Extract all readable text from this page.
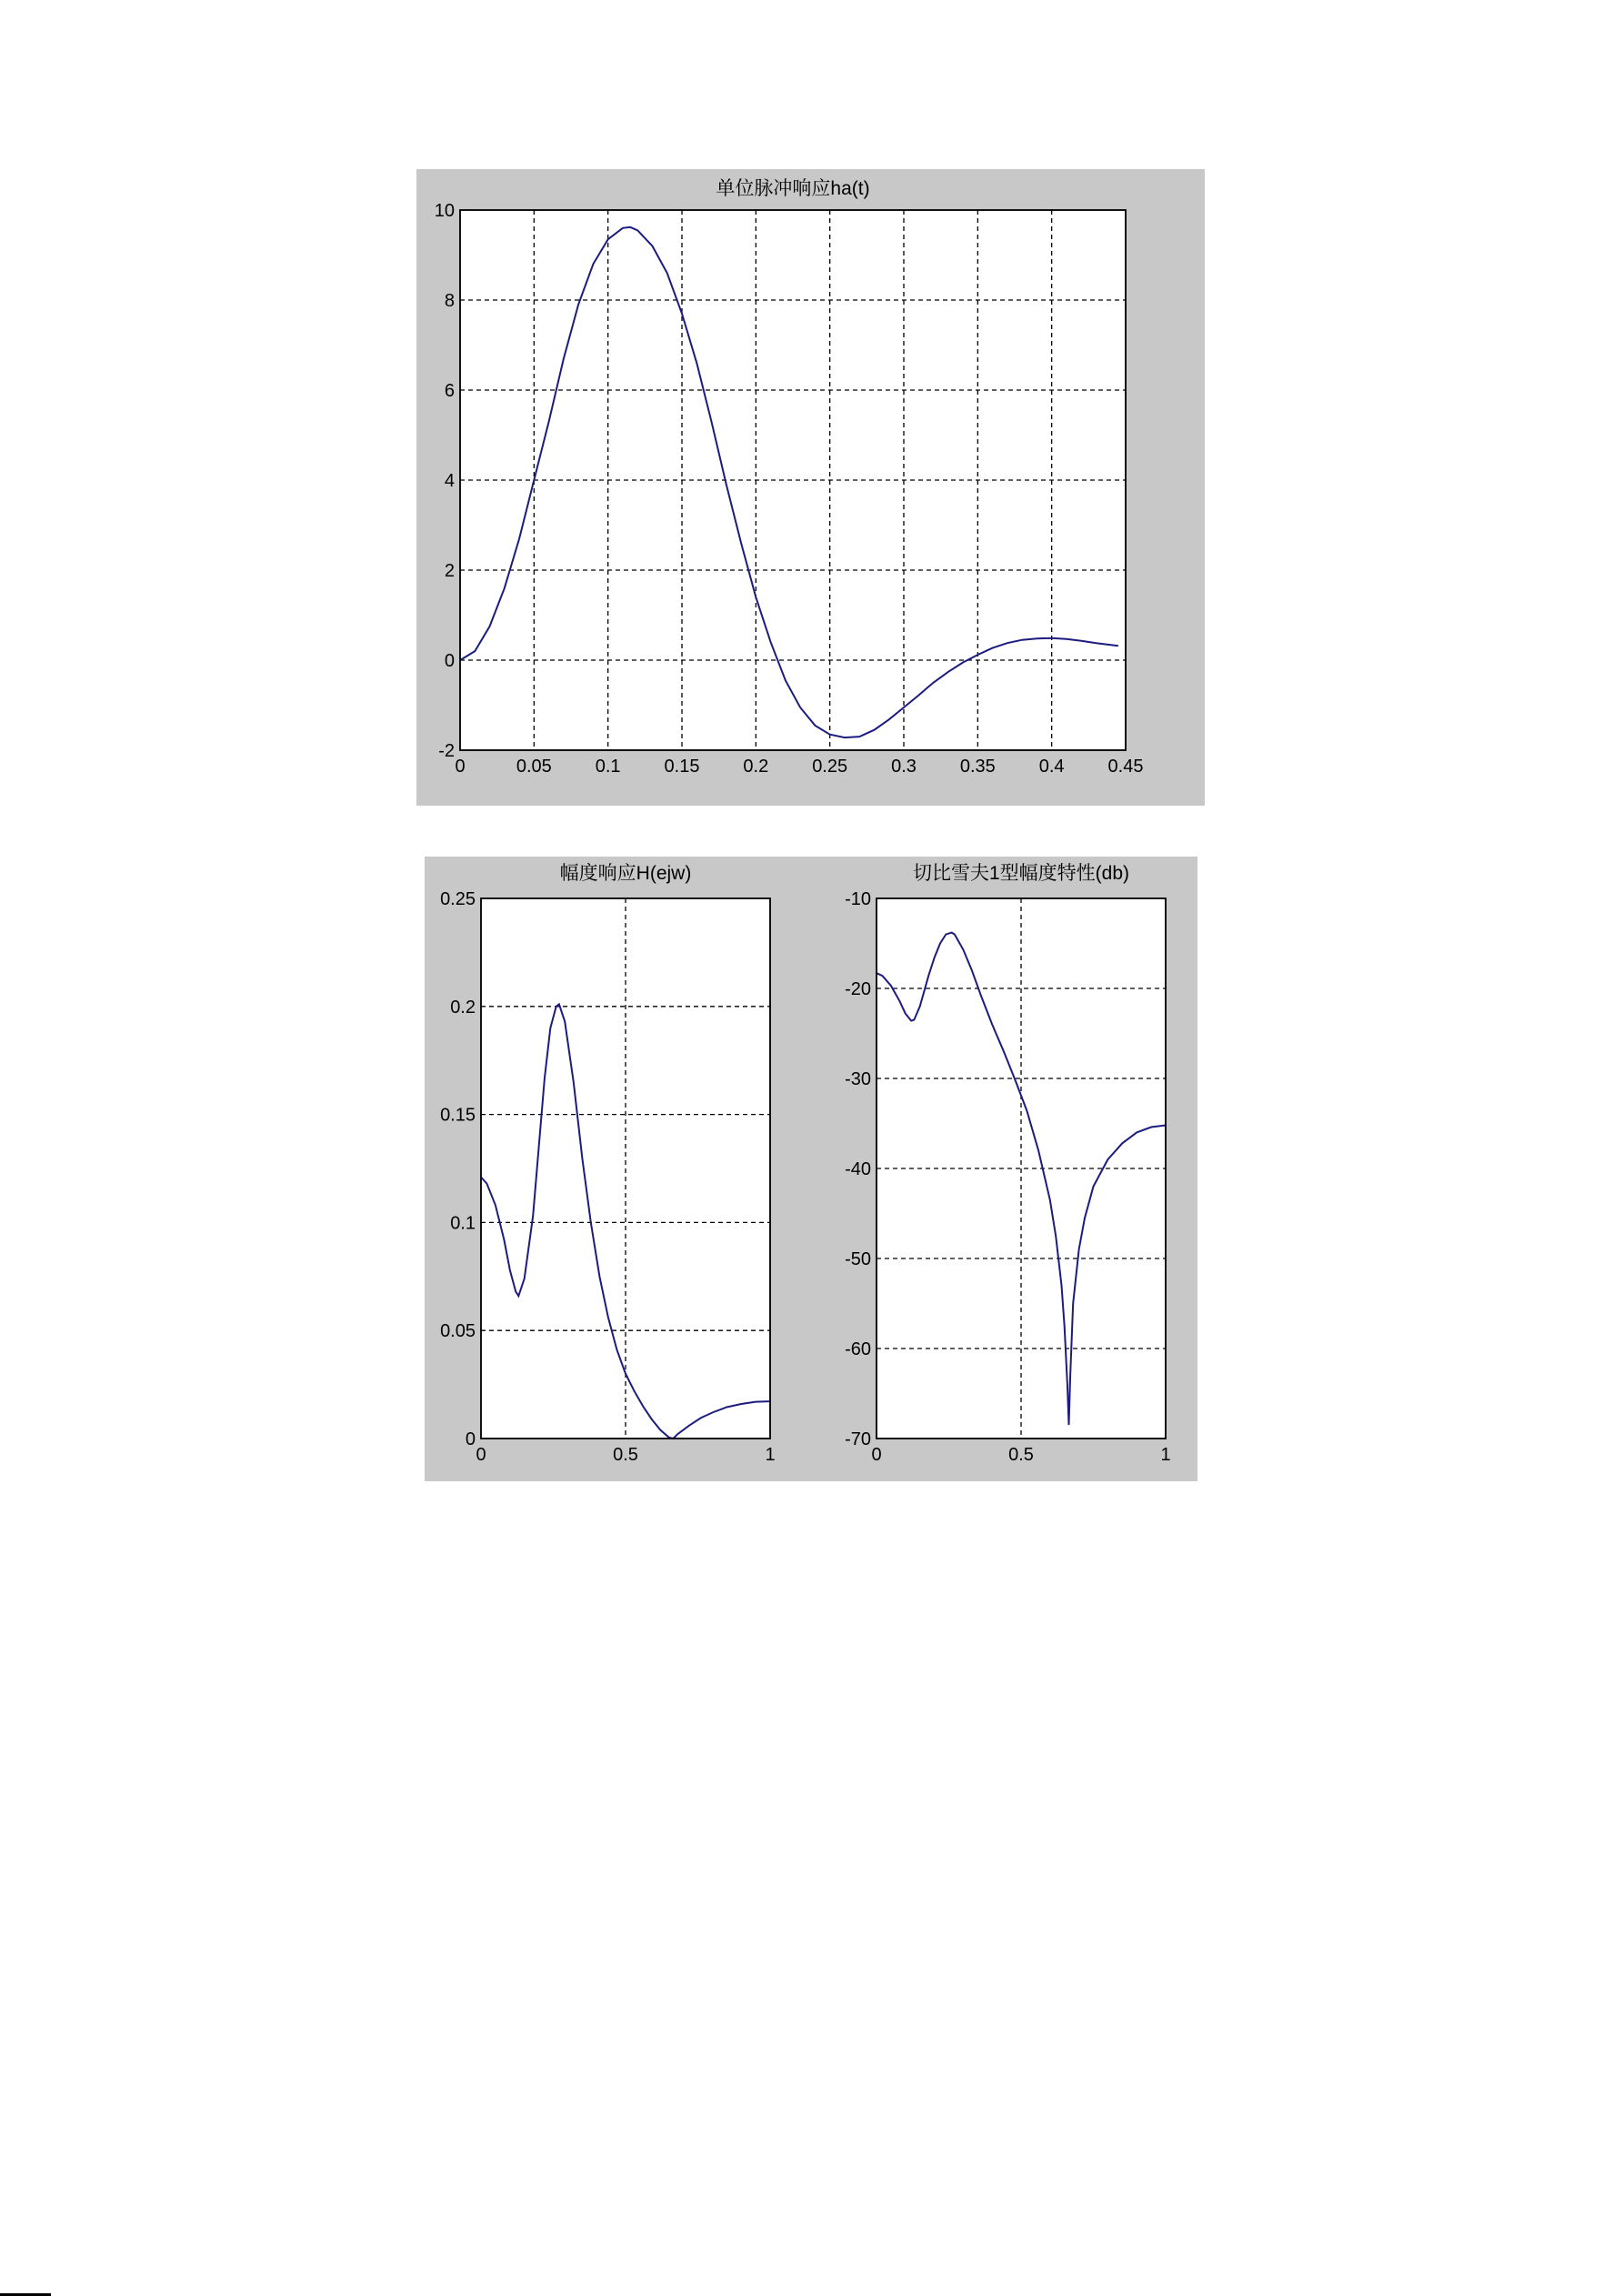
0	0.05 0.1 0.15 0.2 0.25 0.3 0.35 0.4 0.45
-2
0
2
4
6
8
10
单位脉冲响应ha(t)
0	0.5	1
0
0.05
0.1
0.15
0.2
0.25
幅度响应H(ejw)
0	0.5	1
-70
-60
-50
-40
-30
-20
-10
切比雪夫1型幅度特性(db)
